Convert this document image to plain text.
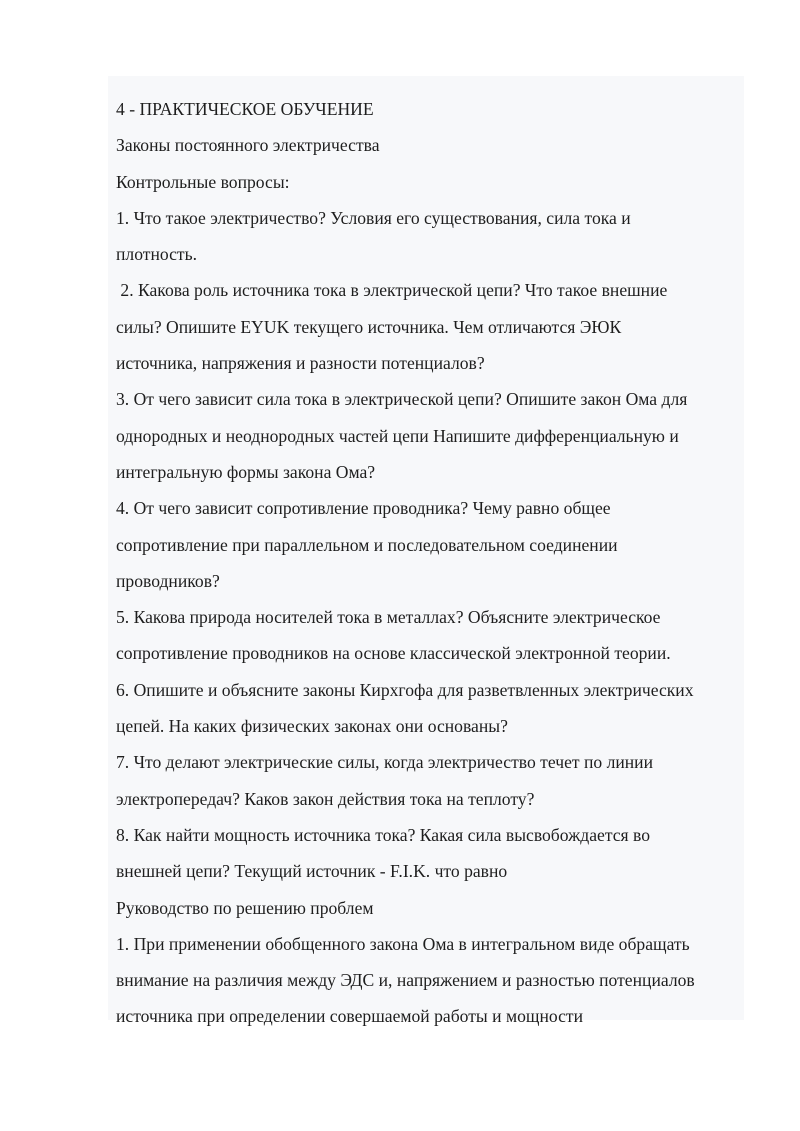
4 - ПРАКТИЧЕСКОЕ ОБУЧЕНИЕ

Законы постоянного электричества

Контрольные вопросы:

1. Что такое электричество? Условия его существования, сила тока и

плотность.

2. Какова роль источника тока в электрической цепи? Что такое внешние

силы? Опишите EYUK текущего источника. Чем отличаются ЭЮК

источника, напряжения и разности потенциалов?

3. От чего зависит сила тока в электрической цепи? Опишите закон Ома для

однородных и неоднородных частей цепи Напишите дифференциальную и

интегральную формы закона Ома?

4. От чего зависит сопротивление проводника? Чему равно общее

сопротивление при параллельном и последовательном соединении

проводников?

5. Какова природа носителей тока в металлах? Объясните электрическое

сопротивление проводников на основе классической электронной теории.

6. Опишите и объясните законы Кирхгофа для разветвленных электрических

цепей. На каких физических законах они основаны?

7. Что делают электрические силы, когда электричество течет по линии

электропередач? Каков закон действия тока на теплоту?

8. Как найти мощность источника тока? Какая сила высвобождается во

внешней цепи? Текущий источник - F.I.K. что равно

Руководство по решению проблем

1. При применении обобщенного закона Ома в интегральном виде обращать

внимание на различия между ЭДС и, напряжением и разностью потенциалов

источника при определении совершаемой работы и мощности
